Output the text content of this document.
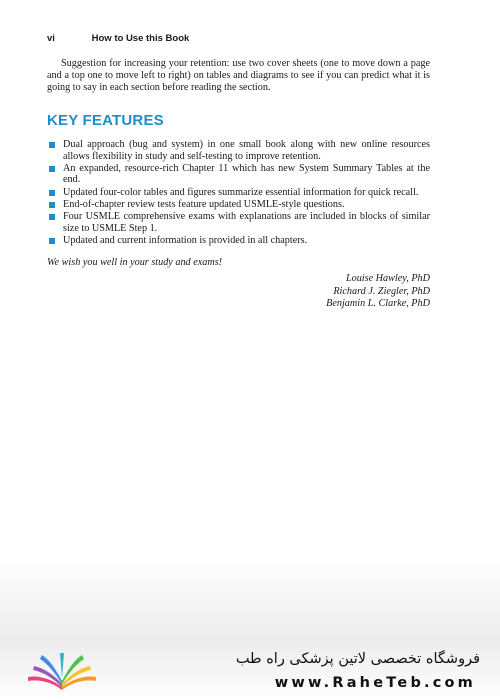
vi	How to Use this Book

Suggestion for increasing your retention: use two cover sheets (one to move down a page and a top one to move left to right) on tables and diagrams to see if you can predict what it is going to say in each section before reading the section.

KEY FEATURES
Dual approach (bug and system) in one small book along with new online resources allows flexibility in study and self-testing to improve retention.
An expanded, resource-rich Chapter 11 which has new System Summary Tables at the end.
Updated four-color tables and figures summarize essential information for quick recall.
End-of-chapter review tests feature updated USMLE-style questions.
Four USMLE comprehensive exams with explanations are included in blocks of similar size to USMLE Step 1.
Updated and current information is provided in all chapters.

We wish you well in your study and exams!

Louise Hawley, PhD
Richard J. Ziegler, PhD
Benjamin L. Clarke, PhD
فروشگاه تخصصی لاتین پزشکی راه طب
www.RaheTeb.com
